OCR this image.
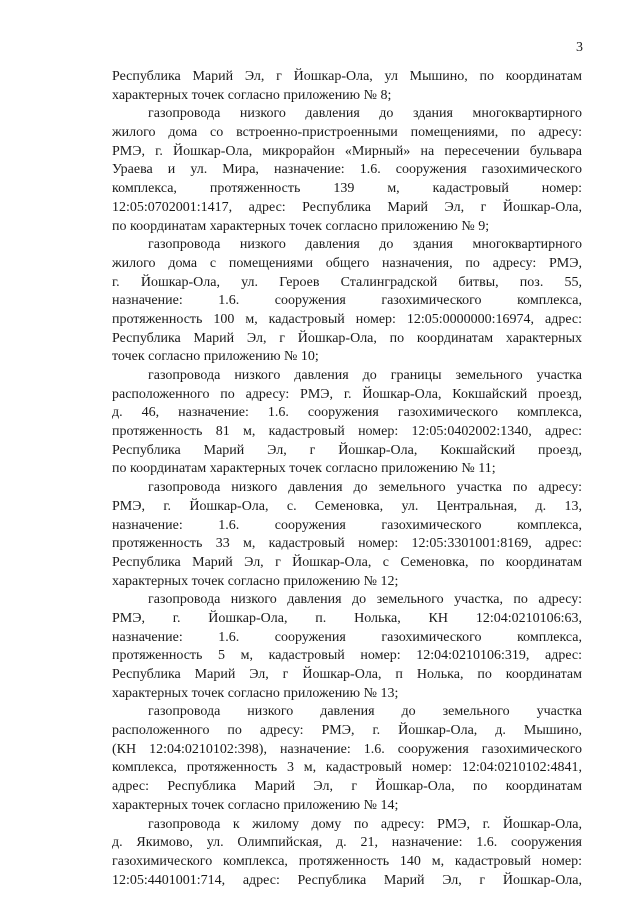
3
Республика Марий Эл, г Йошкар-Ола, ул Мышино, по координатам
характерных точек согласно приложению № 8;
газопровода низкого давления до здания многоквартирного
жилого дома со встроенно-пристроенными помещениями, по адресу:
РМЭ, г. Йошкар-Ола, микрорайон «Мирный» на пересечении бульвара
Ураева и ул. Мира, назначение: 1.6. сооружения газохимического
комплекса, протяженность 139 м, кадастровый номер:
12:05:0702001:1417, адрес: Республика Марий Эл, г Йошкар-Ола,
по координатам характерных точек согласно приложению № 9;
газопровода низкого давления до здания многоквартирного
жилого дома с помещениями общего назначения, по адресу: РМЭ,
г. Йошкар-Ола, ул. Героев Сталинградской битвы, поз. 55,
назначение: 1.6. сооружения газохимического комплекса,
протяженность 100 м, кадастровый номер: 12:05:0000000:16974, адрес:
Республика Марий Эл, г Йошкар-Ола, по координатам характерных
точек согласно приложению № 10;
газопровода низкого давления до границы земельного участка
расположенного по адресу: РМЭ, г. Йошкар-Ола, Кокшайский проезд,
д. 46, назначение: 1.6. сооружения газохимического комплекса,
протяженность 81 м, кадастровый номер: 12:05:0402002:1340, адрес:
Республика Марий Эл, г Йошкар-Ола, Кокшайский проезд,
по координатам характерных точек согласно приложению № 11;
газопровода низкого давления до земельного участка по адресу:
РМЭ, г. Йошкар-Ола, с. Семеновка, ул. Центральная, д. 13,
назначение: 1.6. сооружения газохимического комплекса,
протяженность 33 м, кадастровый номер: 12:05:3301001:8169, адрес:
Республика Марий Эл, г Йошкар-Ола, с Семеновка, по координатам
характерных точек согласно приложению № 12;
газопровода низкого давления до земельного участка, по адресу:
РМЭ, г. Йошкар-Ола, п. Нолька, КН 12:04:0210106:63,
назначение: 1.6. сооружения газохимического комплекса,
протяженность 5 м, кадастровый номер: 12:04:0210106:319, адрес:
Республика Марий Эл, г Йошкар-Ола, п Нолька, по координатам
характерных точек согласно приложению № 13;
газопровода низкого давления до земельного участка
расположенного по адресу: РМЭ, г. Йошкар-Ола, д. Мышино,
(КН 12:04:0210102:398), назначение: 1.6. сооружения газохимического
комплекса, протяженность 3 м, кадастровый номер: 12:04:0210102:4841,
адрес: Республика Марий Эл, г Йошкар-Ола, по координатам
характерных точек согласно приложению № 14;
газопровода к жилому дому по адресу: РМЭ, г. Йошкар-Ола,
д. Якимово, ул. Олимпийская, д. 21, назначение: 1.6. сооружения
газохимического комплекса, протяженность 140 м, кадастровый номер:
12:05:4401001:714, адрес: Республика Марий Эл, г Йошкар-Ола,
